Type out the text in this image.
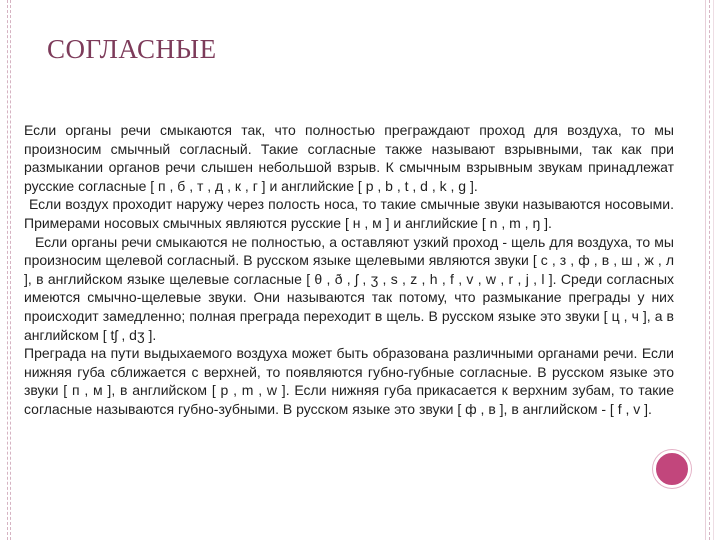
СОГЛАСНЫЕ

Если органы речи смыкаются так, что полностью преграждают проход для воздуха, то мы произносим смычный согласный. Такие согласные также называют взрывными, так как при размыкании органов речи слышен небольшой взрыв. К смычным взрывным звукам принадлежат русские согласные [ п , б , т , д , к , г ] и английские [ p , b , t , d , k , g ].

Если воздух проходит наружу через полость носа, то такие смычные звуки называются носовыми. Примерами носовых смычных являются русские [ н , м ] и английские [ n , m , ŋ ].

Если органы речи смыкаются не полностью, а оставляют узкий проход - щель для воздуха, то мы произносим щелевой согласный. В русском языке щелевыми являются звуки [ с , з , ф , в , ш , ж , л ], в английском языке щелевые согласные [ θ , ð , ʃ , ʒ , s , z , h , f , v , w , r , j , l ]. Среди согласных имеются смычно-щелевые звуки. Они называются так потому, что размыкание преграды у них происходит замедленно; полная преграда переходит в щель. В русском языке это звуки [ ц , ч ], а в английском [ tʃ , dʒ ].

Преграда на пути выдыхаемого воздуха может быть образована различными органами речи. Если нижняя губа сближается с верхней, то появляются губно-губные согласные. В русском языке это звуки [ п , м ], в английском [ p , m , w ]. Если нижняя губа прикасается к верхним зубам, то такие согласные называются губно-зубными. В русском языке это звуки [ ф , в ], в английском - [ f , v ].
